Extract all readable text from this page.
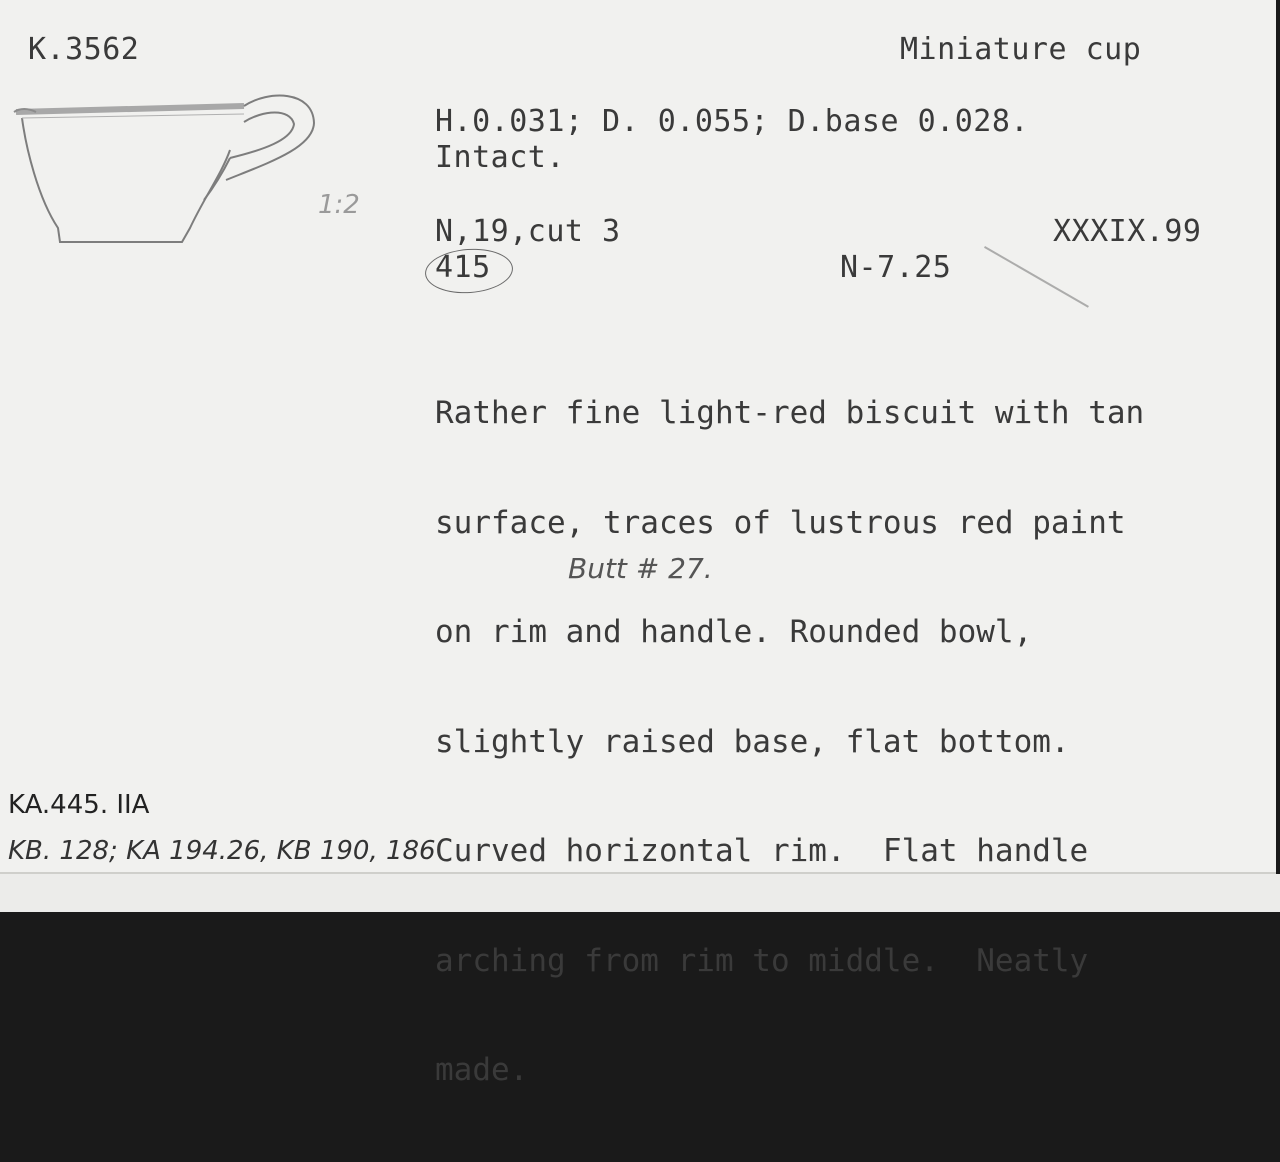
K.3562	Miniature cup
1:2
H.0.031; D. 0.055; D.base 0.028.
Intact.
N,19,cut 3	XXXIX.99
415	N-7.25

Rather fine light-red biscuit with tan

surface, traces of lustrous red paint

on rim and handle. Rounded bowl,

slightly raised base, flat bottom.

Curved horizontal rim.  Flat handle

arching from rim to middle.  Neatly

made.

Butt # 27.
KA.445. IIA
KB. 128; KA 194.26, KB 190, 186
